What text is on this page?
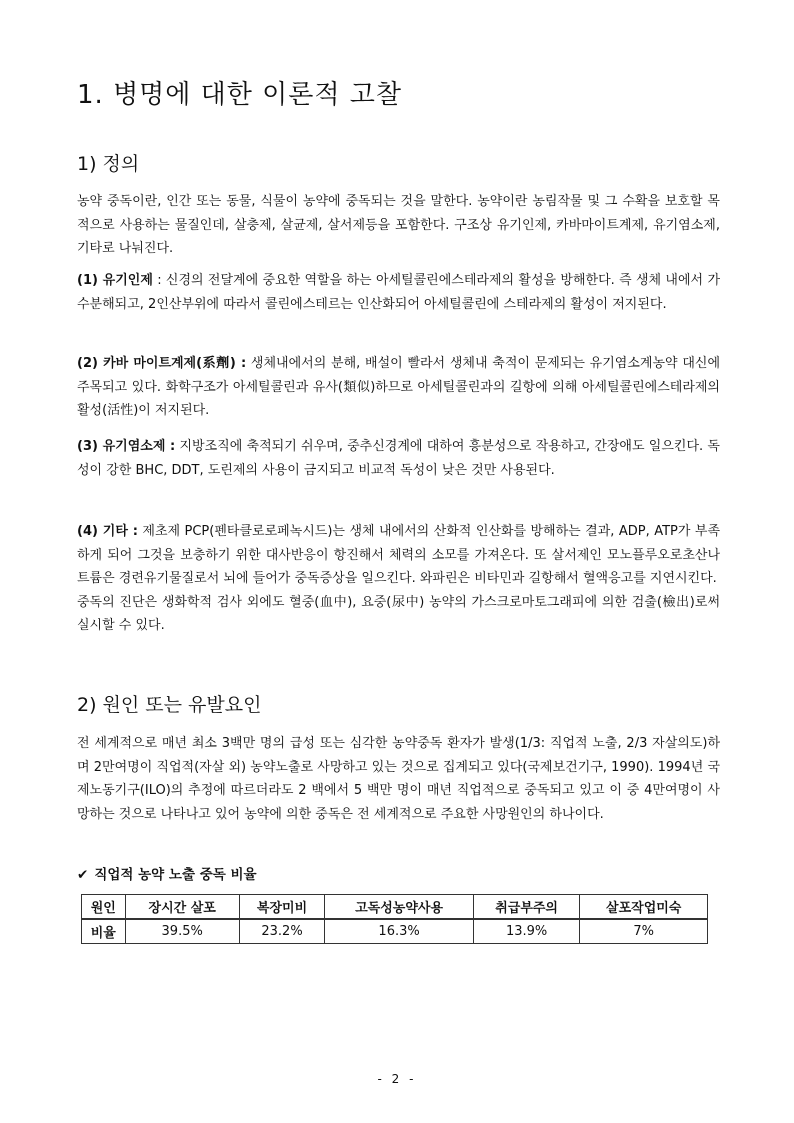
1. 병명에 대한 이론적 고찰
1) 정의

농약 중독이란, 인간 또는 동물, 식물이 농약에 중독되는 것을 말한다. 농약이란 농림작물 및 그 수확을 보호할 목적으로 사용하는 물질인데, 살충제, 살균제, 살서제등을 포함한다. 구조상 유기인제, 카바마이트계제, 유기염소제, 기타로 나눠진다.

(1) 유기인제 : 신경의 전달계에 중요한 역할을 하는 아세틸콜린에스테라제의 활성을 방해한다. 즉 생체 내에서 가수분해되고, 2인산부위에 따라서 콜린에스테르는 인산화되어 아세틸콜린에 스테라제의 활성이 저지된다.

(2) 카바 마이트계제(系劑) : 생체내에서의 분해, 배설이 빨라서 생체내 축적이 문제되는 유기염소계농약 대신에 주목되고 있다. 화학구조가 아세틸콜린과 유사(類似)하므로 아세틸콜린과의 길항에 의해 아세틸콜린에스테라제의 활성(活性)이 저지된다.

(3) 유기염소제 : 지방조직에 축적되기 쉬우며, 중추신경계에 대하여 흥분성으로 작용하고, 간장애도 일으킨다. 독성이 강한 BHC, DDT, 도린제의 사용이 금지되고 비교적 독성이 낮은 것만 사용된다.

(4) 기타 : 제초제 PCP(펜타클로로페녹시드)는 생체 내에서의 산화적 인산화를 방해하는 결과, ADP, ATP가 부족하게 되어 그것을 보충하기 위한 대사반응이 항진해서 체력의 소모를 가져온다. 또 살서제인 모노플루오로초산나트륨은 경련유기물질로서 뇌에 들어가 중독증상을 일으킨다. 와파린은 비타민과 길항해서 혈액응고를 지연시킨다.
중독의 진단은 생화학적 검사 외에도 혈중(血中), 요중(尿中) 농약의 가스크로마토그래피에 의한 검출(檢出)로써 실시할 수 있다.

2) 원인 또는 유발요인

전 세계적으로 매년 최소 3백만 명의 급성 또는 심각한 농약중독 환자가 발생(1/3: 직업적 노출, 2/3 자살의도)하며 2만여명이 직업적(자살 외) 농약노출로 사망하고 있는 것으로 집계되고 있다(국제보건기구, 1990). 1994년 국제노동기구(ILO)의 추정에 따르더라도 2 백에서 5 백만 명이 매년 직업적으로 중독되고 있고 이 중 4만여명이 사망하는 것으로 나타나고 있어 농약에 의한 중독은 전 세계적으로 주요한 사망원인의 하나이다.

✔ 직업적 농약 노출 중독 비율
원인	장시간 살포	복장미비	고독성농약사용	취급부주의	살포작업미숙
비율	39.5%	23.2%	16.3%	13.9%	7%
- 2 -
